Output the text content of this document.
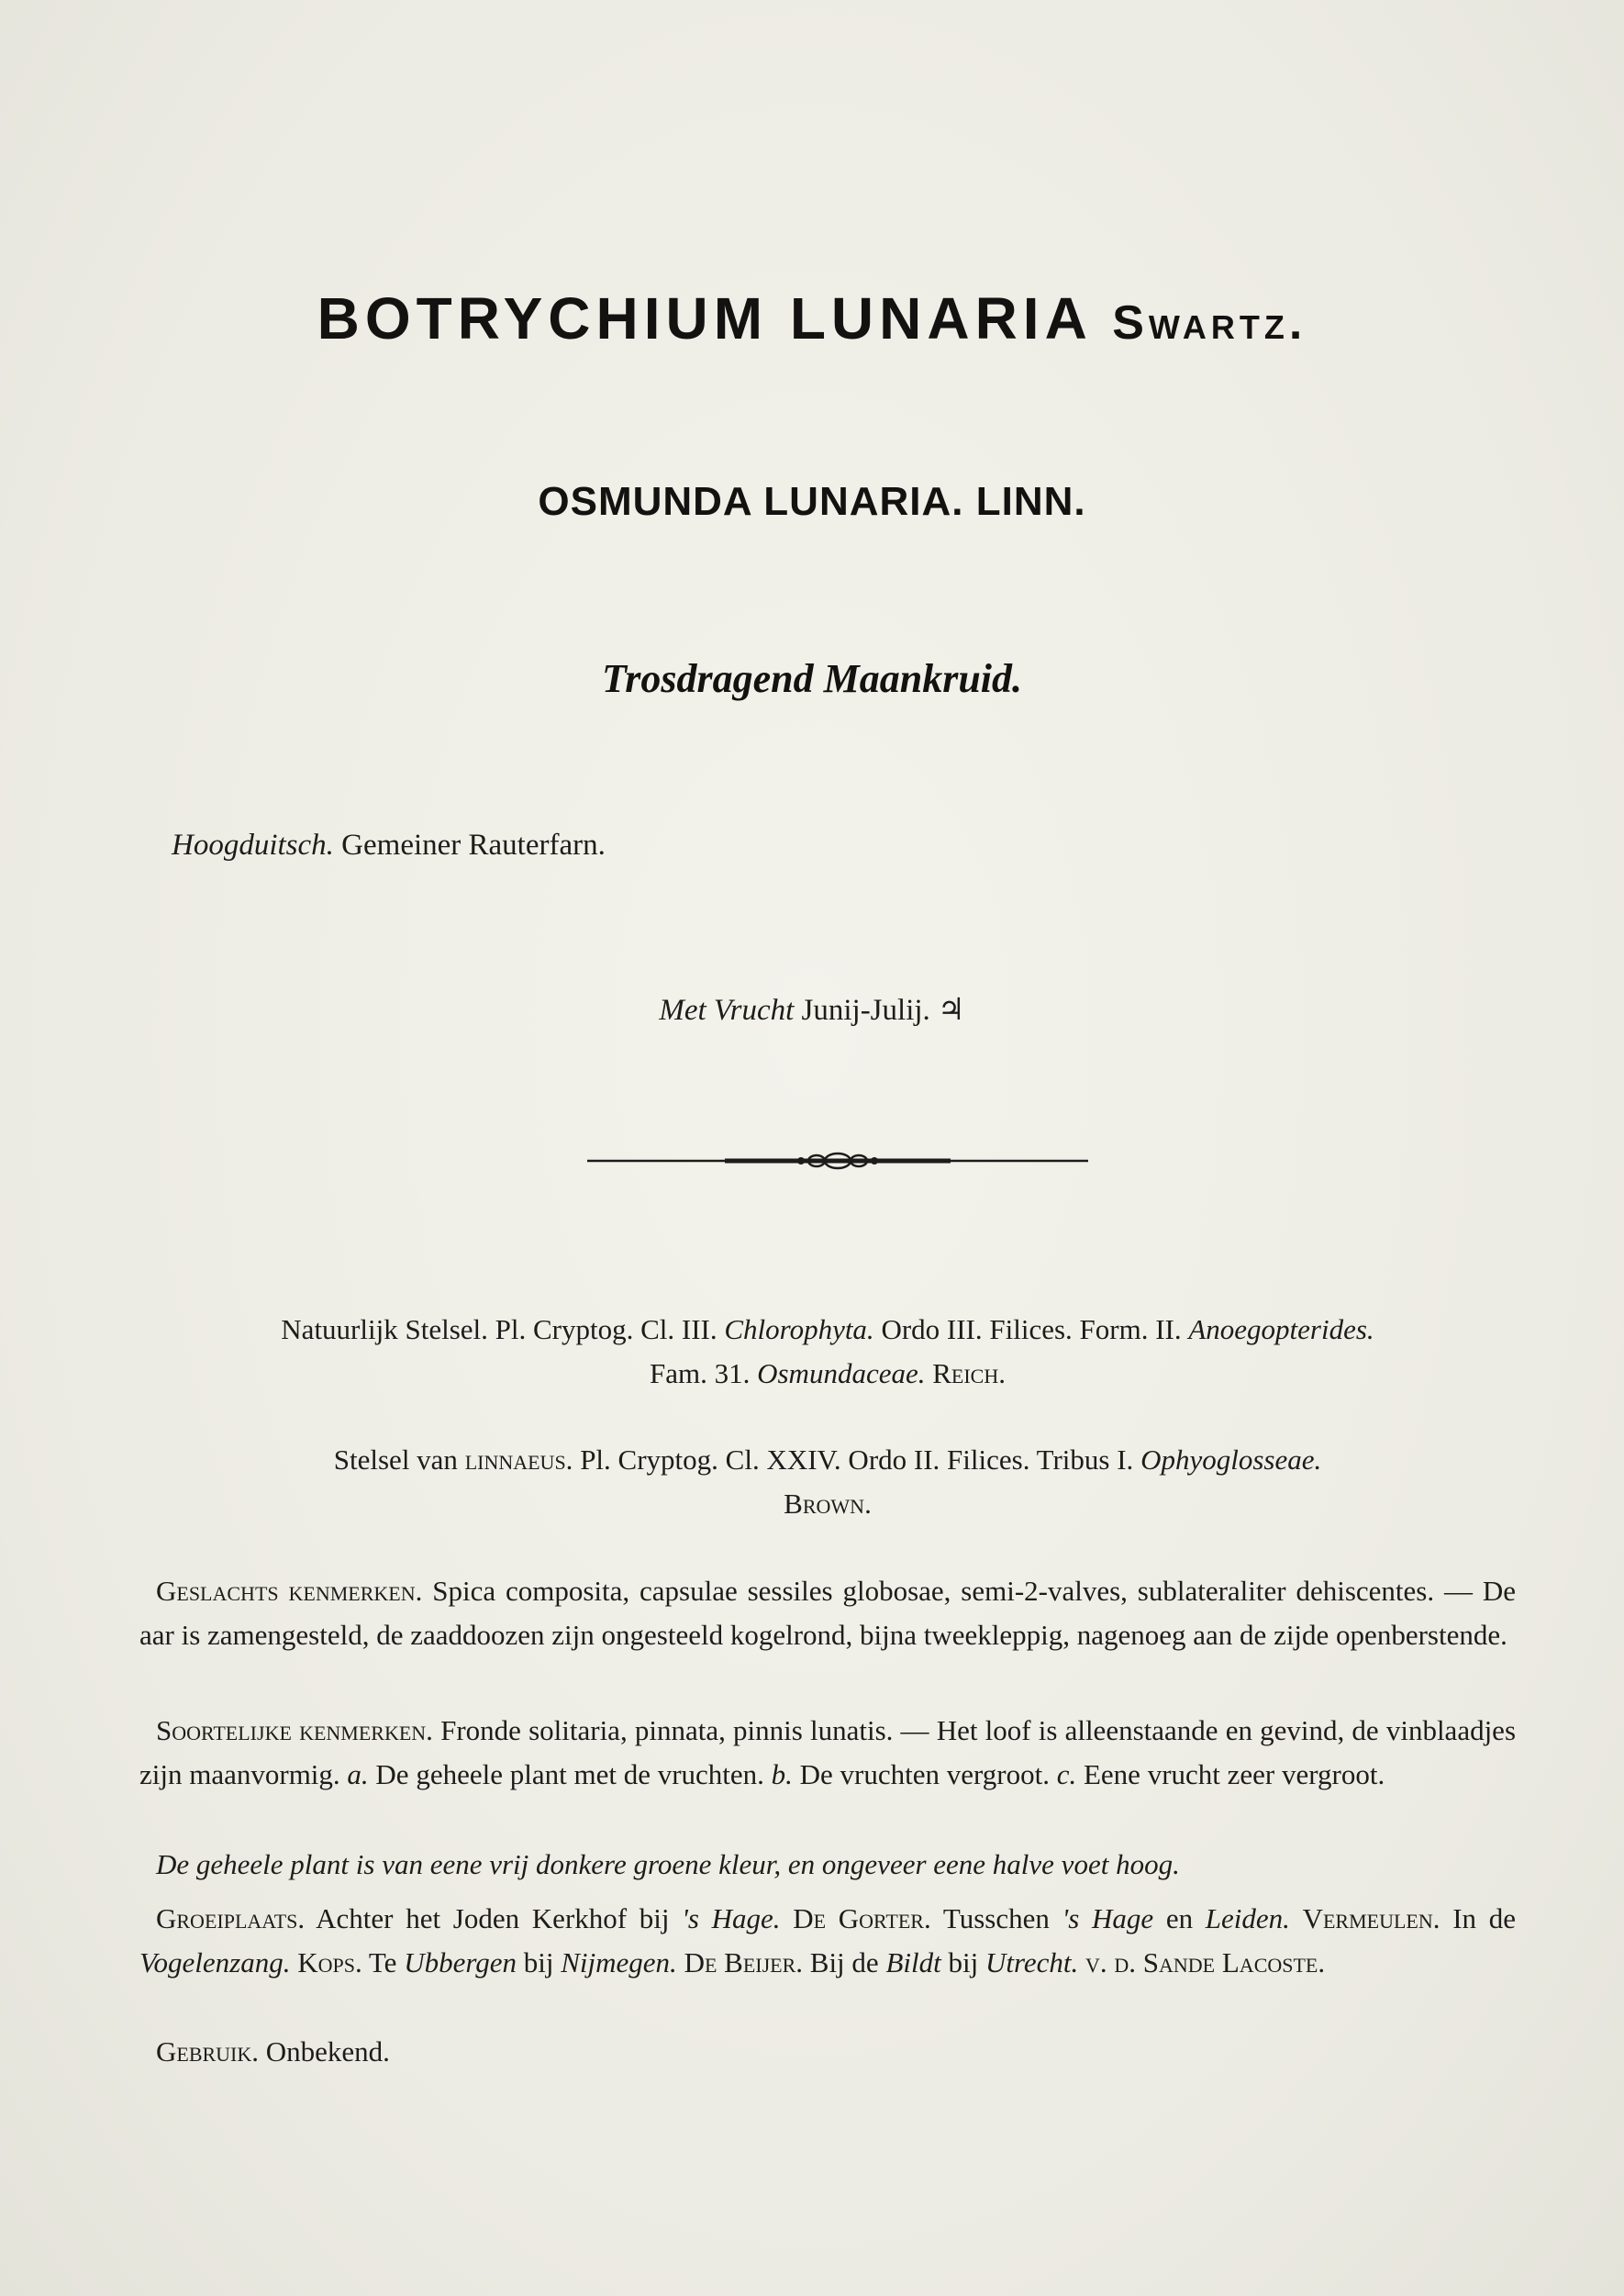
BOTRYCHIUM LUNARIA Swartz.
OSMUNDA LUNARIA. LINN.
Trosdragend Maankruid.
Hoogduitsch. Gemeiner Rauterfarn.
Met Vrucht Junij-Julij. ♃
Natuurlijk Stelsel. Pl. Cryptog. Cl. III. Chlorophyta. Ordo III. Filices. Form. II. Anoegopterides.
Fam. 31. Osmundaceae. Reich.
Stelsel van linnaeus. Pl. Cryptog. Cl. XXIV. Ordo II. Filices. Tribus I. Ophyoglosseae.
Brown.
Geslachts kenmerken. Spica composita, capsulae sessiles globosae, semi-2-valves, sublateraliter dehiscentes. — De aar is zamengesteld, de zaaddoozen zijn ongesteeld kogelrond, bijna tweekleppig, nagenoeg aan de zijde openberstende.
Soortelijke kenmerken. Fronde solitaria, pinnata, pinnis lunatis. — Het loof is alleenstaande en gevind, de vinblaadjes zijn maanvormig. a. De geheele plant met de vruchten. b. De vruchten vergroot. c. Eene vrucht zeer vergroot.
De geheele plant is van eene vrij donkere groene kleur, en ongeveer eene halve voet hoog.
Groeiplaats. Achter het Joden Kerkhof bij 's Hage. De Gorter. Tusschen 's Hage en Leiden. Vermeulen. In de Vogelenzang. Kops. Te Ubbergen bij Nijmegen. De Beijer. Bij de Bildt bij Utrecht. v. d. Sande Lacoste.
Gebruik. Onbekend.
